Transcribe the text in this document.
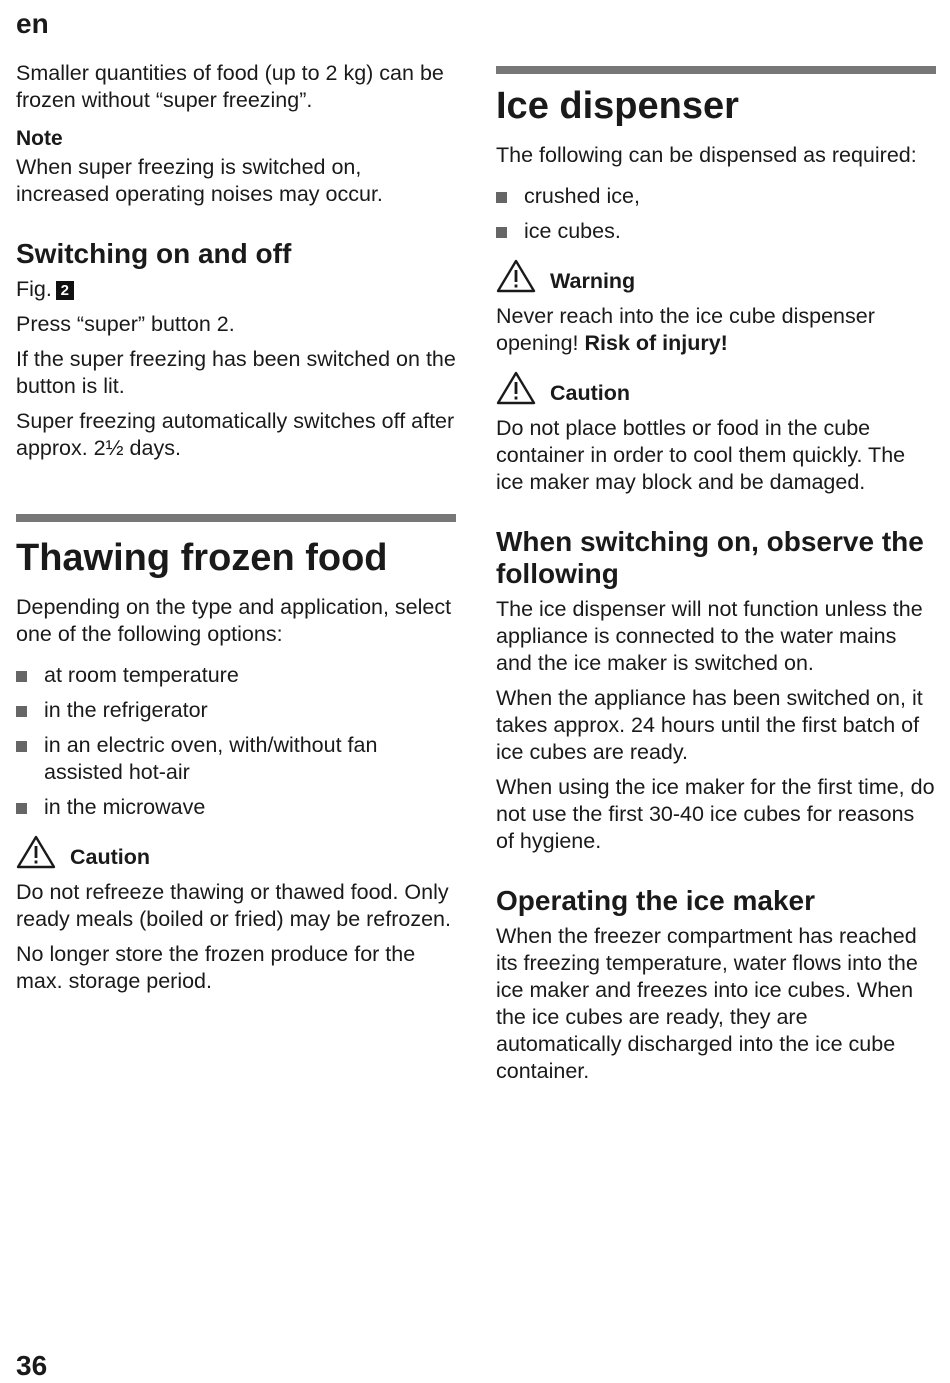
en

Smaller quantities of food (up to 2 kg) can be frozen without “super freezing”.

Note

When super freezing is switched on, increased operating noises may occur.

Switching on and off

Fig. 2

Press “super” button 2.

If the super freezing has been switched on the button is lit.

Super freezing automatically switches off after approx. 2½ days.

Thawing frozen food

Depending on the type and application, select one of the following options:

at room temperature
in the refrigerator
in an electric oven, with/without fan assisted hot-air
in the microwave
Caution

Do not refreeze thawing or thawed food. Only ready meals (boiled or fried) may be refrozen.

No longer store the frozen produce for the max. storage period.

Ice dispenser

The following can be dispensed as required:

crushed ice,
ice cubes.
Warning

Never reach into the ice cube dispenser opening! Risk of injury!

Caution

Do not place bottles or food in the cube container in order to cool them quickly. The ice maker may block and be damaged.

When switching on, observe the following

The ice dispenser will not function unless the appliance is connected to the water mains and the ice maker is switched on.

When the appliance has been switched on, it takes approx. 24 hours until the first batch of ice cubes are ready.

When using the ice maker for the first time, do not use the first 30-40 ice cubes for reasons of hygiene.

Operating the ice maker

When the freezer compartment has reached its freezing temperature, water flows into the ice maker and freezes into ice cubes. When the ice cubes are ready, they are automatically discharged into the ice cube container.

36
